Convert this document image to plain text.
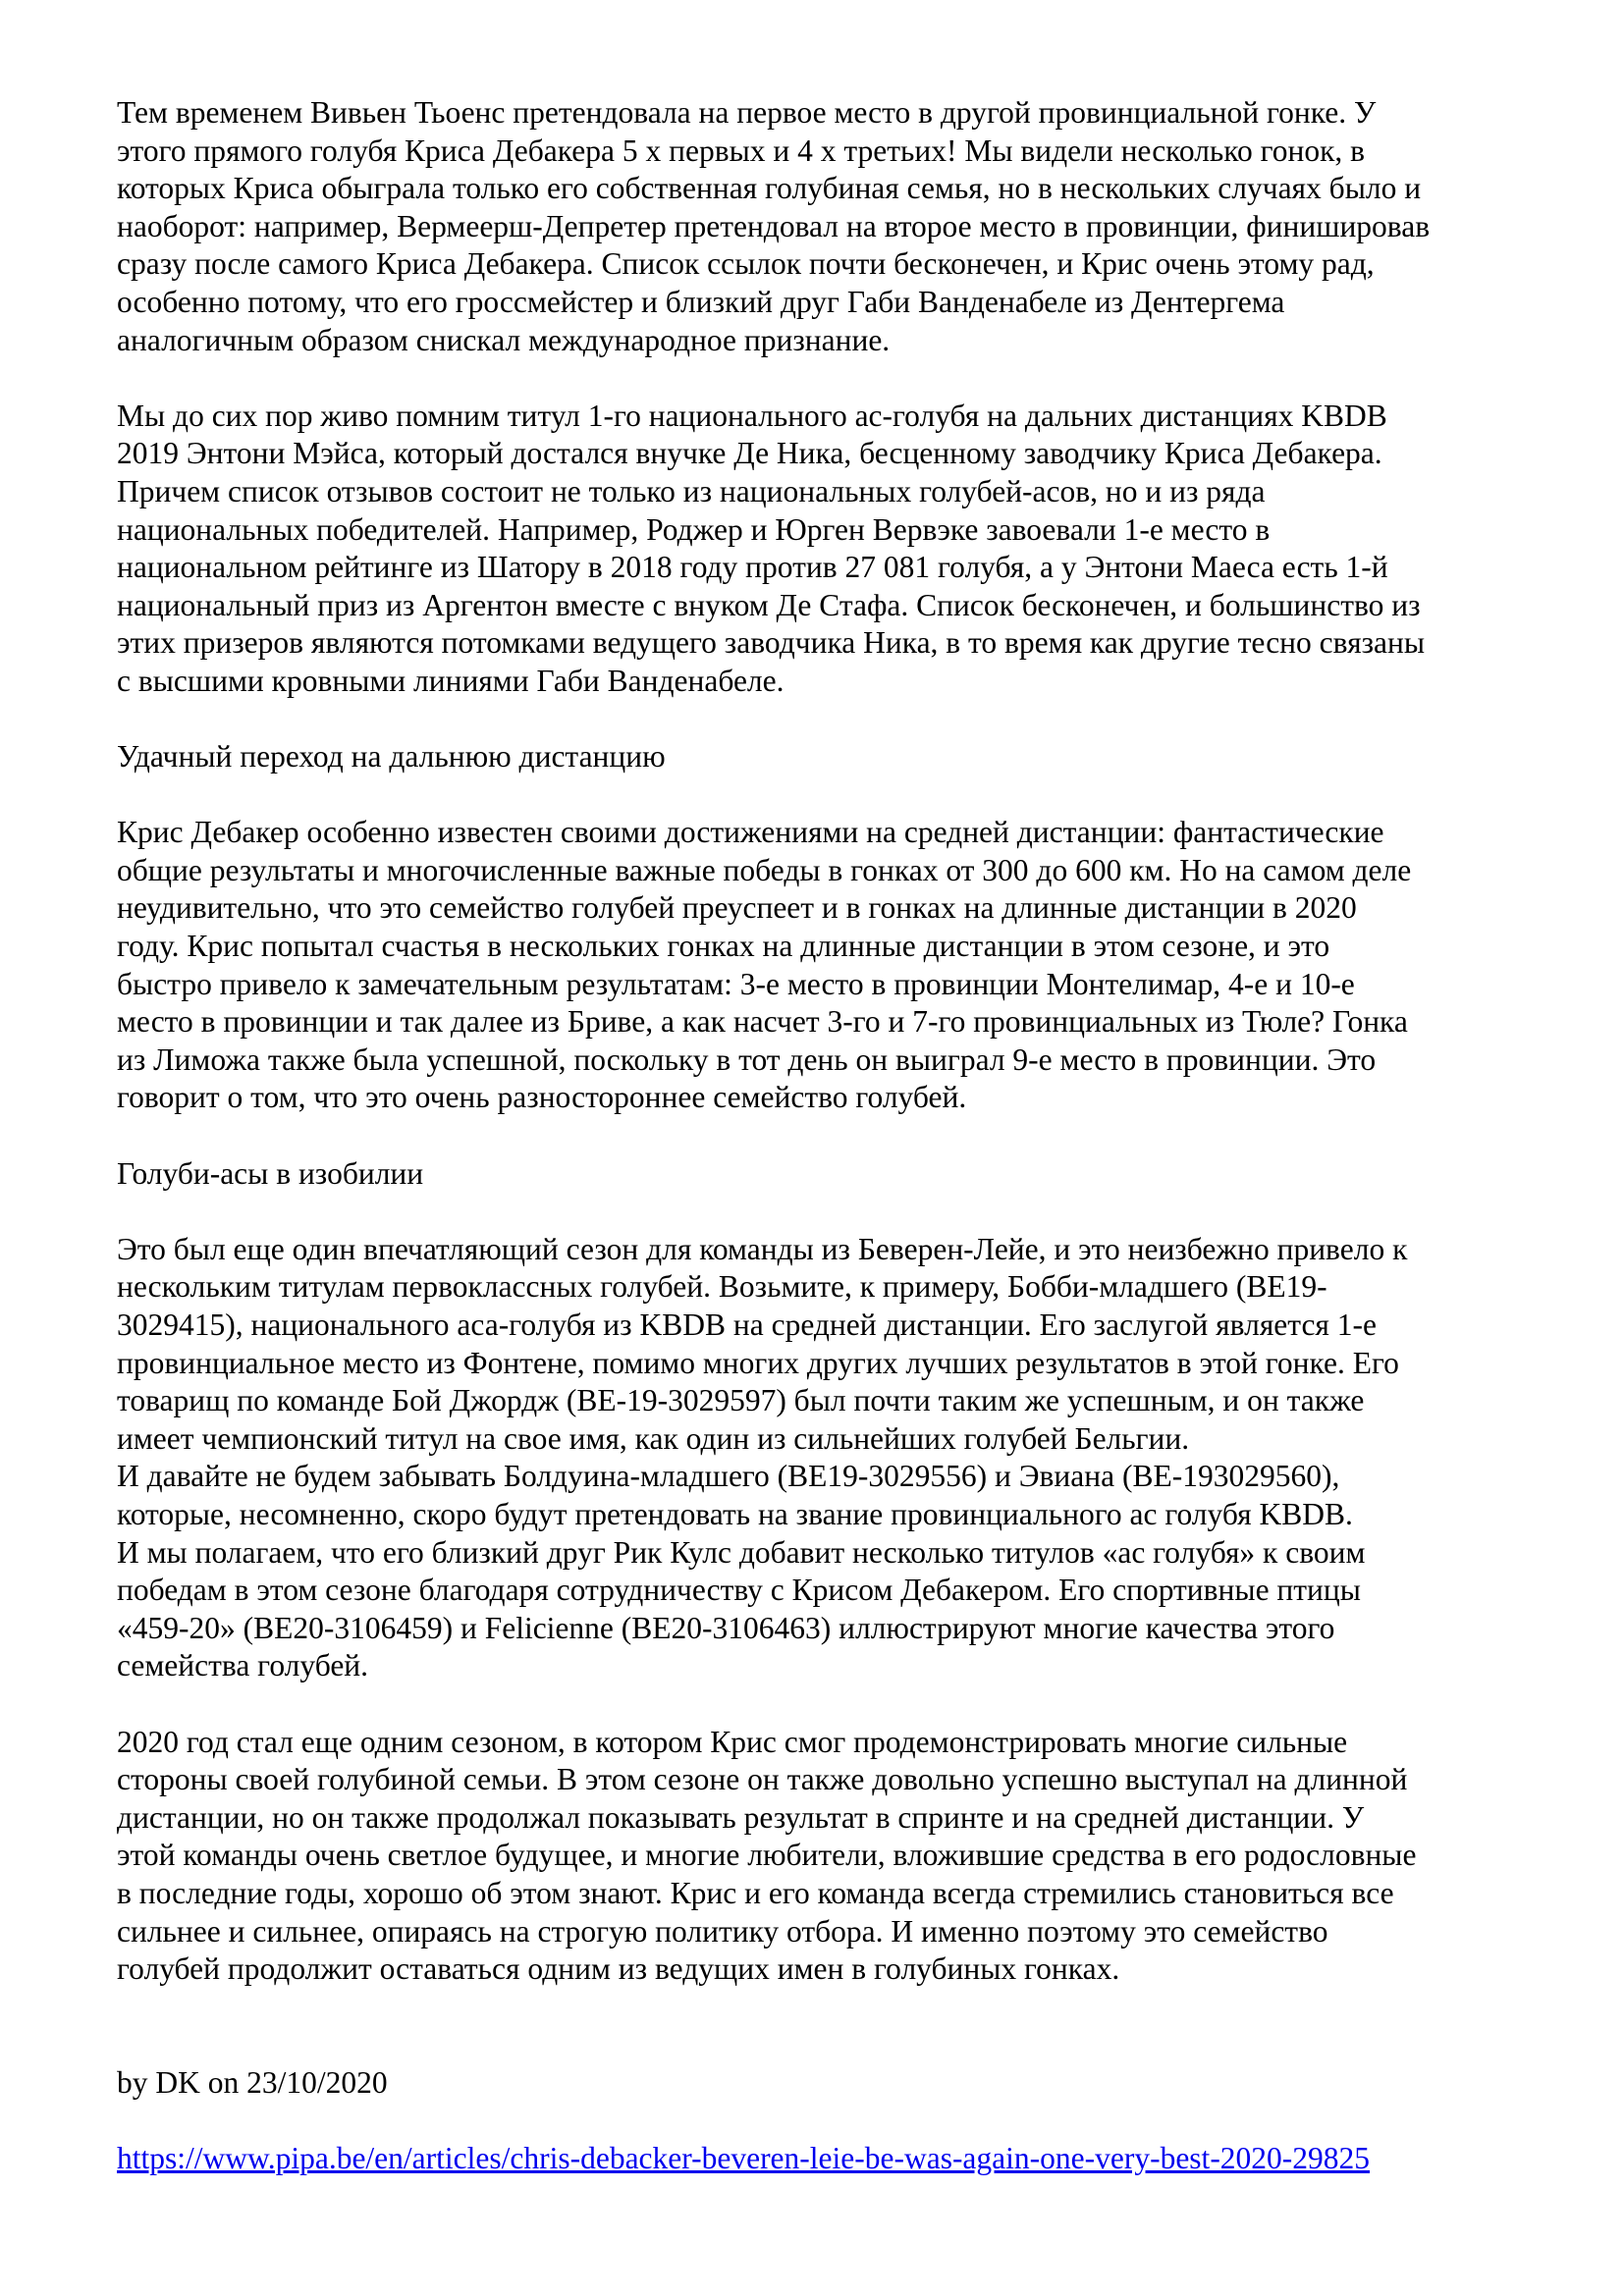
Тем временем Вивьен Тьоенс претендовала на первое место в другой провинциальной гонке. У
этого прямого голубя Криса Дебакера 5 х первых и 4 х третьих! Мы видели несколько гонок, в
которых Криса обыграла только его собственная голубиная семья, но в нескольких случаях было и
наоборот: например, Вермеерш-Депретер претендовал на второе место в провинции, финишировав
сразу после самого Криса Дебакера. Список ссылок почти бесконечен, и Крис очень этому рад,
особенно потому, что его гроссмейстер и близкий друг Габи Ванденабеле из Дентергема
аналогичным образом снискал международное признание.

Мы до сих пор живо помним титул 1-го национального ас-голубя на дальних дистанциях KBDB
2019 Энтони Мэйса, который достался внучке Де Ника, бесценному заводчику Криса Дебакера.
Причем список отзывов состоит не только из национальных голубей-асов, но и из ряда
национальных победителей. Например, Роджер и Юрген Вервэке завоевали 1-е место в
национальном рейтинге из Шатору в 2018 году против 27 081 голубя, а у Энтони Маеса есть 1-й
национальный приз из Аргентон вместе с внуком Де Стафа. Список бесконечен, и большинство из
этих призеров являются потомками ведущего заводчика Ника, в то время как другие тесно связаны
с высшими кровными линиями Габи Ванденабеле.

Удачный переход на дальнюю дистанцию

Крис Дебакер особенно известен своими достижениями на средней дистанции: фантастические
общие результаты и многочисленные важные победы в гонках от 300 до 600 км. Но на самом деле
неудивительно, что это семейство голубей преуспеет и в гонках на длинные дистанции в 2020
году. Крис попытал счастья в нескольких гонках на длинные дистанции в этом сезоне, и это
быстро привело к замечательным результатам: 3-е место в провинции Монтелимар, 4-е и 10-е
место в провинции и так далее из Бриве, а как насчет 3-го и 7-го провинциальных из Тюле? Гонка
из Лиможа также была успешной, поскольку в тот день он выиграл 9-е место в провинции. Это
говорит о том, что это очень разностороннее семейство голубей.

Голуби-асы в изобилии

Это был еще один впечатляющий сезон для команды из Беверен-Лейе, и это неизбежно привело к
нескольким титулам первоклассных голубей. Возьмите, к примеру, Бобби-младшего (BE19-
3029415), национального аса-голубя из KBDB на средней дистанции. Его заслугой является 1-е
провинциальное место из Фонтене, помимо многих других лучших результатов в этой гонке. Его
товарищ по команде Бой Джордж (BE-19-3029597) был почти таким же успешным, и он также
имеет чемпионский титул на свое имя, как один из сильнейших голубей Бельгии.
И давайте не будем забывать Болдуина-младшего (BE19-3029556) и Эвиана (BE-193029560),
которые, несомненно, скоро будут претендовать на звание провинциального ас голубя KBDB.
И мы полагаем, что его близкий друг Рик Кулс добавит несколько титулов «ас голубя» к своим
победам в этом сезоне благодаря сотрудничеству с Крисом Дебакером. Его спортивные птицы
«459-20» (BE20-3106459) и Felicienne (BE20-3106463) иллюстрируют многие качества этого
семейства голубей.

2020 год стал еще одним сезоном, в котором Крис смог продемонстрировать многие сильные
стороны своей голубиной семьи. В этом сезоне он также довольно успешно выступал на длинной
дистанции, но он также продолжал показывать результат в спринте и на средней дистанции. У
этой команды очень светлое будущее, и многие любители, вложившие средства в его родословные
в последние годы, хорошо об этом знают. Крис и его команда всегда стремились становиться все
сильнее и сильнее, опираясь на строгую политику отбора. И именно поэтому это семейство
голубей продолжит оставаться одним из ведущих имен в голубиных гонках.

by DK on 23/10/2020

https://www.pipa.be/en/articles/chris-debacker-beveren-leie-be-was-again-one-very-best-2020-29825
